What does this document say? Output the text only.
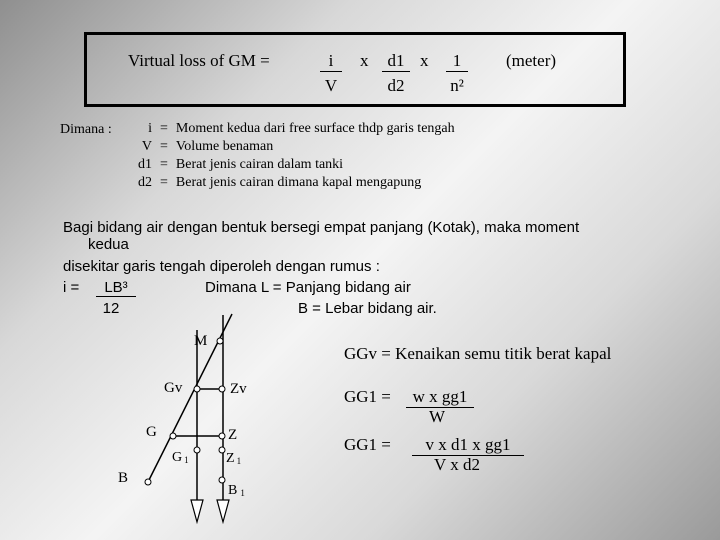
Virtual loss of GM =	i
V
x	d1
d2
x	1
n²
(meter)
Dimana :	i	=	Moment kedua dari free surface thdp garis tengah
V	=	Volume benaman
d1	=	Berat jenis cairan dalam tanki
d2	=	Berat jenis cairan dimana kapal mengapung
Bagi bidang air dengan bentuk bersegi empat panjang (Kotak), maka moment
kedua
disekitar garis tengah diperoleh dengan rumus :
i =	LB³
12
Dimana L = Panjang bidang air
B = Lebar bidang air.
M
Gv	Zv
G	Z
G 1	Z 1
B
B 1
GGv = Kenaikan semu titik berat kapal
GG1 =	w x gg1
W
GG1 =	v x d1 x gg1
V x d2
